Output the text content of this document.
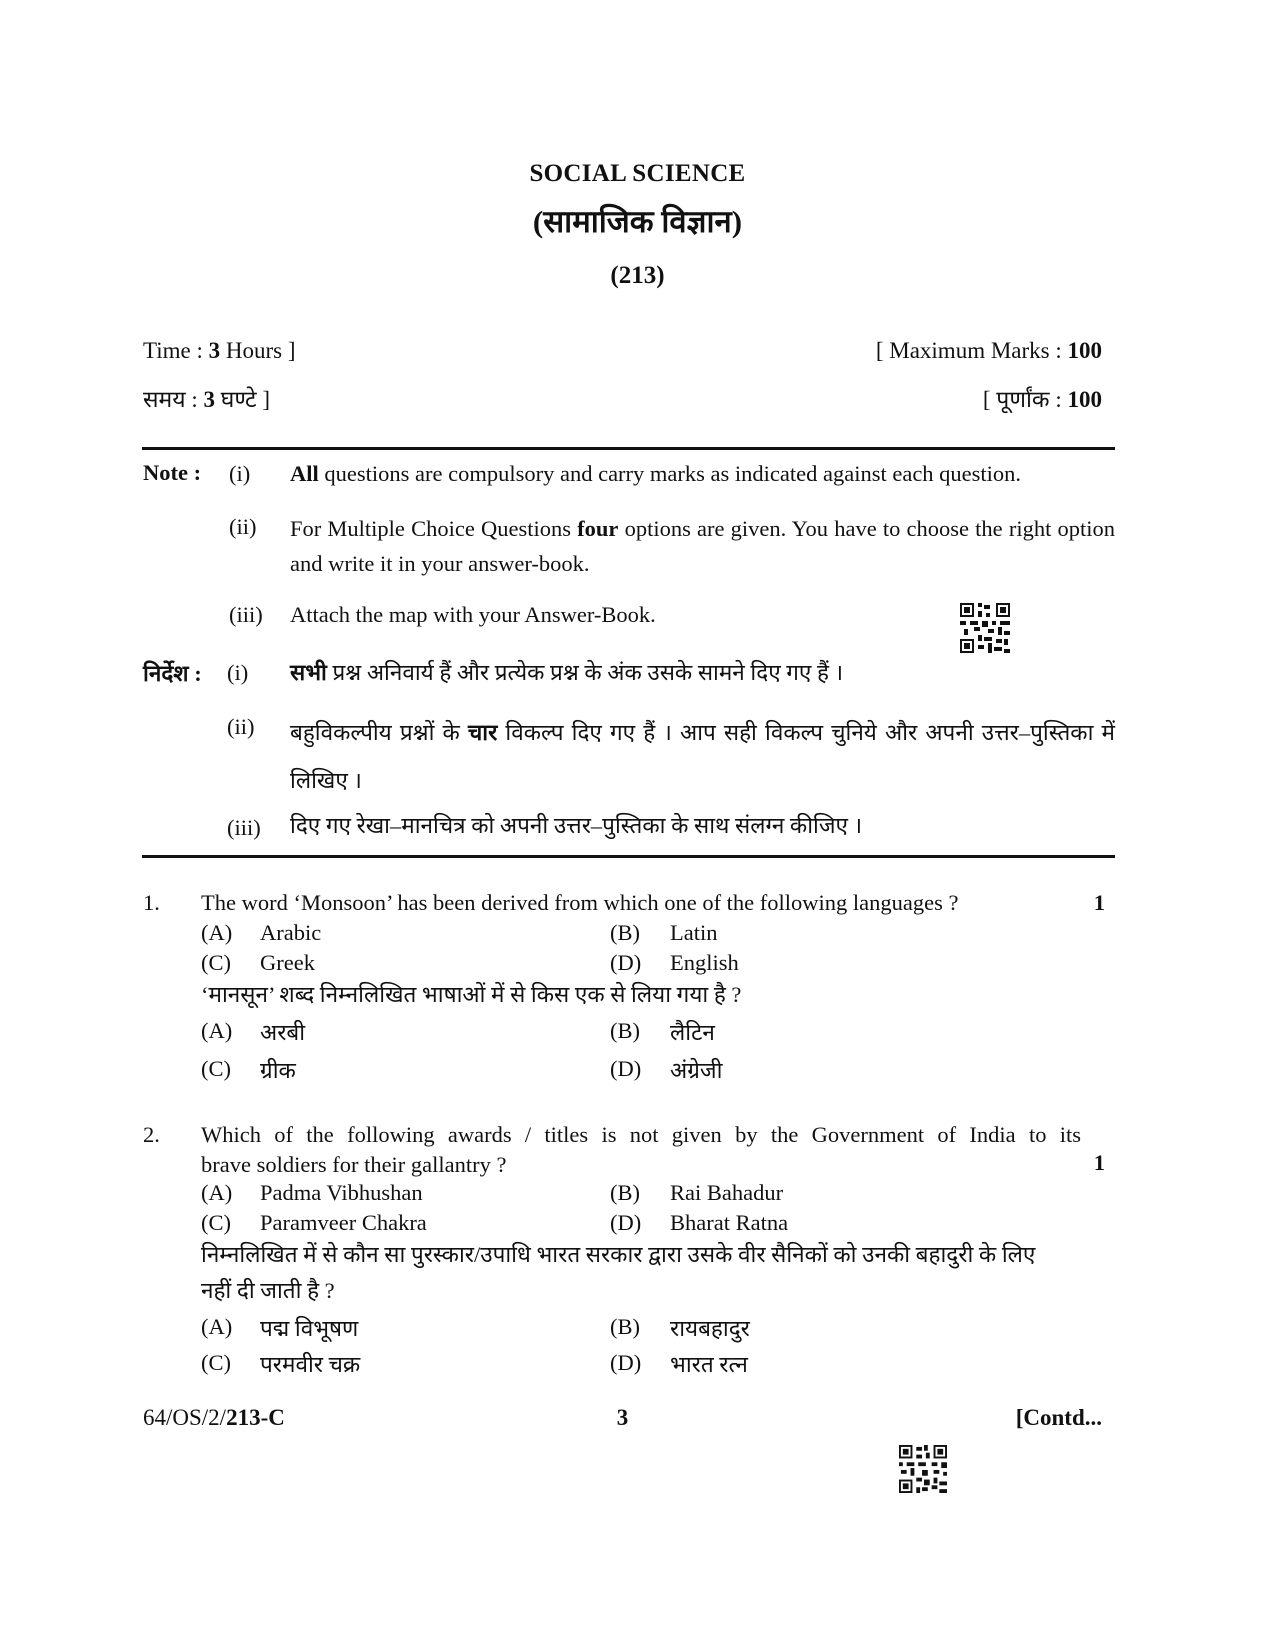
SOCIAL SCIENCE
(सामाजिक विज्ञान)
(213)
Time : 3 Hours ]	[ Maximum Marks : 100
समय : 3 घण्टे ]	[ पूर्णांक : 100
Note : (i) All questions are compulsory and carry marks as indicated against each question.
(ii) For Multiple Choice Questions four options are given. You have to choose the right option and write it in your answer-book.
(iii) Attach the map with your Answer-Book.
निर्देश : (i) सभी प्रश्न अनिवार्य हैं और प्रत्येक प्रश्न के अंक उसके सामने दिए गए हैं ।
(ii) बहुविकल्पीय प्रश्नों के चार विकल्प दिए गए हैं । आप सही विकल्प चुनिये और अपनी उत्तर–पुस्तिका में लिखिए ।
(iii) दिए गए रेखा–मानचित्र को अपनी उत्तर–पुस्तिका के साथ संलग्न कीजिए ।
1. The word ‘Monsoon’ has been derived from which one of the following languages ?	1
(A) Arabic	(B) Latin
(C) Greek	(D) English
‘मानसून’ शब्द निम्नलिखित भाषाओं में से किस एक से लिया गया है ?
(A) अरबी	(B) लैटिन
(C) ग्रीक	(D) अंग्रेजी
2. Which of the following awards / titles is not given by the Government of India to its
brave soldiers for their gallantry ?	1
(A) Padma Vibhushan	(B) Rai Bahadur
(C) Paramveer Chakra	(D) Bharat Ratna
निम्नलिखित में से कौन सा पुरस्कार/उपाधि भारत सरकार द्वारा उसके वीर सैनिकों को उनकी बहादुरी के लिए
नहीं दी जाती है ?
(A) पद्म विभूषण	(B) रायबहादुर
(C) परमवीर चक्र	(D) भारत रत्न
64/OS/2/213-C	3	[Contd...
